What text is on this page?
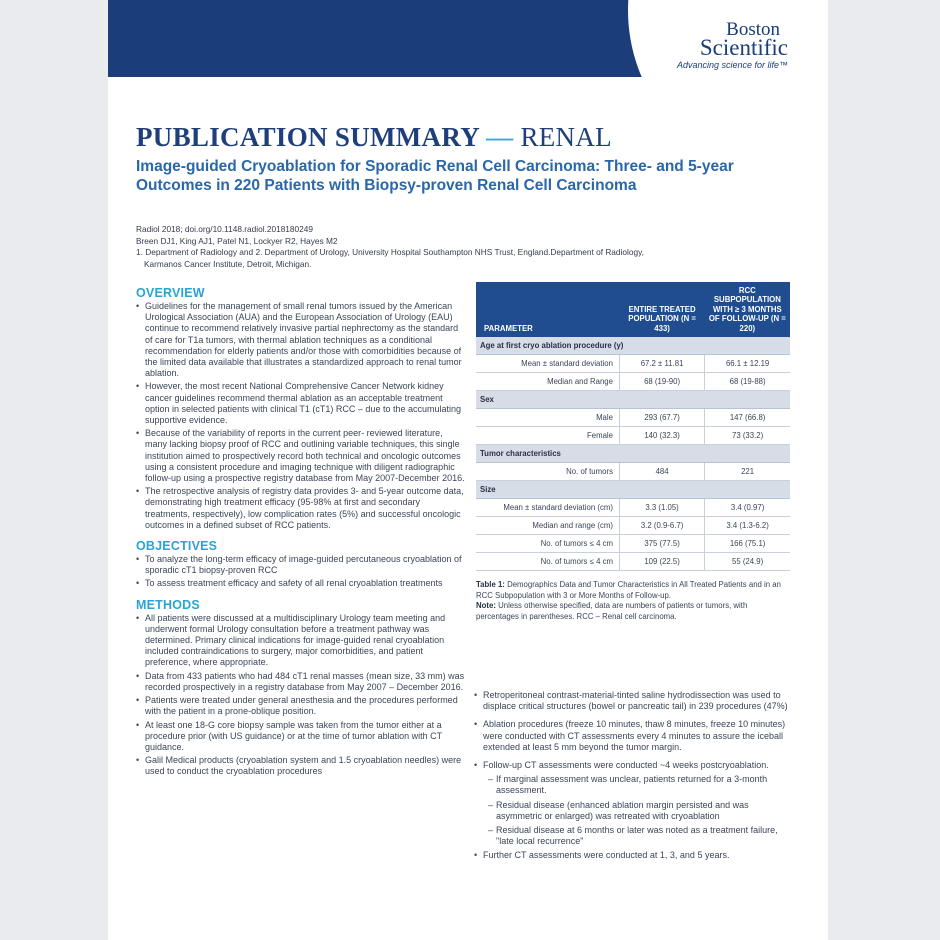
Boston
Scientific
Advancing science for life™
PUBLICATION SUMMARY — RENAL
Image-guided Cryoablation for Sporadic Renal Cell Carcinoma: Three- and 5-year Outcomes in 220 Patients with Biopsy-proven Renal Cell Carcinoma
Radiol 2018; doi.org/10.1148.radiol.2018180249
Breen DJ1, King AJ1, Patel N1, Lockyer R2, Hayes M2
1. Department of Radiology and 2. Department of Urology, University Hospital Southampton NHS Trust, England.Department of Radiology,
Karmanos Cancer Institute, Detroit, Michigan.
OVERVIEW
• Guidelines for the management of small renal tumors issued by the American Urological Association (AUA) and the European Association of Urology (EAU) continue to recommend relatively invasive partial nephrectomy as the standard of care for T1a tumors, with thermal ablation techniques as a conditional recommendation for elderly patients and/or those with comorbidities because of the limited data available that illustrates a standardized approach to renal tumor ablation.
• However, the most recent National Comprehensive Cancer Network kidney cancer guidelines recommend thermal ablation as an acceptable treatment option in selected patients with clinical T1 (cT1) RCC – due to the accumulating supportive evidence.
• Because of the variability of reports in the current peer- reviewed literature, many lacking biopsy proof of RCC and outlining variable techniques, this single institution aimed to prospectively record both technical and oncologic outcomes using a consistent procedure and imaging technique with diligent radiographic follow-up using a prospective registry database from May 2007-December 2016.
• The retrospective analysis of registry data provides 3- and 5-year outcome data, demonstrating high treatment efficacy (95-98% at first and secondary treatments, respectively), low complication rates (5%) and successful oncologic outcomes in a defined subset of RCC patients.
OBJECTIVES
• To analyze the long-term efficacy of image-guided percutaneous cryoablation of sporadic cT1 biopsy-proven RCC
• To assess treatment efficacy and safety of all renal cryoablation treatments
METHODS
• All patients were discussed at a multidisciplinary Urology team meeting and underwent formal Urology consultation before a treatment pathway was determined. Primary clinical indications for image-guided renal cryoablation included contraindications to surgery, major comorbidities, and patient preference, where appropriate.
• Data from 433 patients who had 484 cT1 renal masses (mean size, 33 mm) was recorded prospectively in a registry database from May 2007 – December 2016.
• Patients were treated under general anesthesia and the procedures performed with the patient in a prone-oblique position.
• At least one 18-G core biopsy sample was taken from the tumor either at a procedure prior (with US guidance) or at the time of tumor ablation with CT guidance.
• Galil Medical products (cryoablation system and 1.5 cryoablation needles) were used to conduct the cryoablation procedures
PARAMETER	ENTIRE TREATED POPULATION (N = 433)	RCC SUBPOPULATION WITH ≥ 3 MONTHS OF FOLLOW-UP (N = 220)
Age at first cryo ablation procedure (y)		
Mean ± standard deviation	67.2 ± 11.81	66.1 ± 12.19
Median and Range	68 (19-90)	68 (19-88)
Sex		
Male	293 (67.7)	147 (66.8)
Female	140 (32.3)	73 (33.2)
Tumor characteristics		
No. of tumors	484	221
Size		
Mean ± standard deviation (cm)	3.3 (1.05)	3.4 (0.97)
Median and range (cm)	3.2 (0.9-6.7)	3.4 (1.3-6.2)
No. of tumors ≤ 4 cm	375 (77.5)	166 (75.1)
No. of tumors ≤ 4 cm	109 (22.5)	55 (24.9)
Table 1: Demographics Data and Tumor Characteristics in All Treated Patients and in an RCC Subpopulation with 3 or More Months of Follow-up.
Note: Unless otherwise specified, data are numbers of patients or tumors, with percentages in parentheses. RCC – Renal cell carcinoma.
• Retroperitoneal contrast-material-tinted saline hydrodissection was used to displace critical structures (bowel or pancreatic tail) in 239 procedures (47%)
• Ablation procedures (freeze 10 minutes, thaw 8 minutes, freeze 10 minutes) were conducted with CT assessments every 4 minutes to assure the iceball extended at least 5 mm beyond the tumor margin.
• Follow-up CT assessments were conducted ~4 weeks postcryoablation.
– If marginal assessment was unclear, patients returned for a 3-month assessment.
– Residual disease (enhanced ablation margin persisted and was asymmetric or enlarged) was retreated with cryoablation
– Residual disease at 6 months or later was noted as a treatment failure, "late local recurrence"
• Further CT assessments were conducted at 1, 3, and 5 years.
